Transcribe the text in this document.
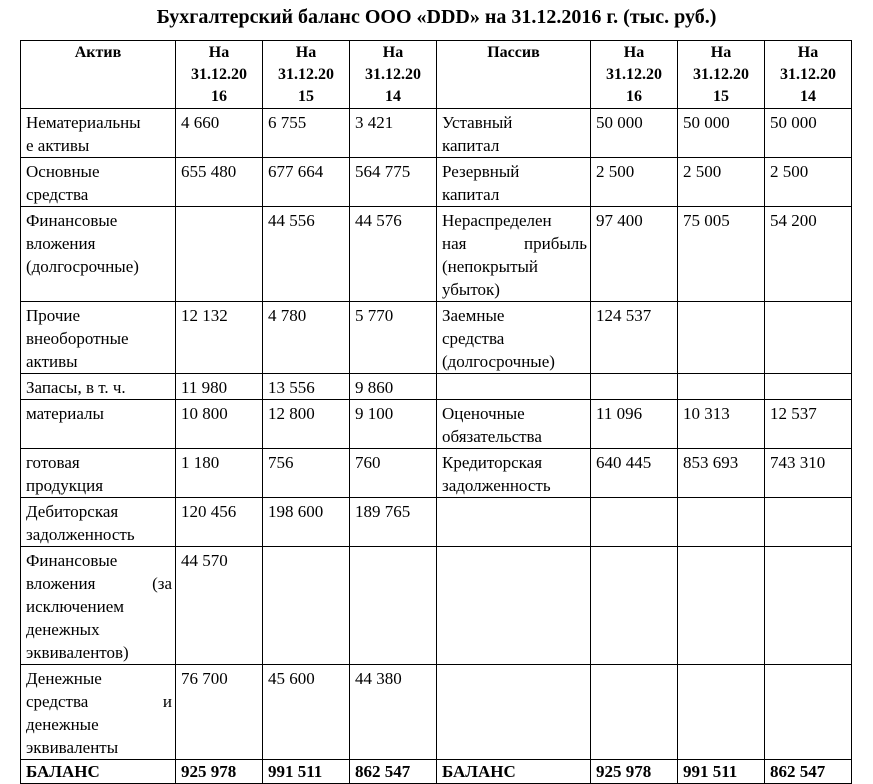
Бухгалтерский баланс ООО «DDD» на 31.12.2016 г. (тыс. руб.)
Актив	На
31.12.20
16	На
31.12.20
15	На
31.12.20
14	Пассив	На
31.12.20
16	На
31.12.20
15	На
31.12.20
14

Нематериальны
е активы	4 660	6 755	3 421	Уставный
капитал	50 000	50 000	50 000

Основные
средства	655 480	677 664	564 775	Резервный
капитал	2 500	2 500	2 500

Финансовые
вложения
(долгосрочные)		44 556	44 576	Нераспределен
ная прибыль
(непокрытый
убыток)	97 400	75 005	54 200

Прочие
внеоборотные
активы	12 132	4 780	5 770	Заемные
средства
(долгосрочные)	124 537		

Запасы, в т. ч.	11 980	13 556	9 860				

материалы	10 800	12 800	9 100	Оценочные
обязательства	11 096	10 313	12 537

готовая
продукция	1 180	756	760	Кредиторская
задолженность	640 445	853 693	743 310

Дебиторская
задолженность	120 456	198 600	189 765				

Финансовые
вложения (за
исключением
денежных
эквивалентов)	44 570						

Денежные
средства и
денежные
эквиваленты	76 700	45 600	44 380				
БАЛАНС	925 978	991 511	862 547	БАЛАНС	925 978	991 511	862 547
